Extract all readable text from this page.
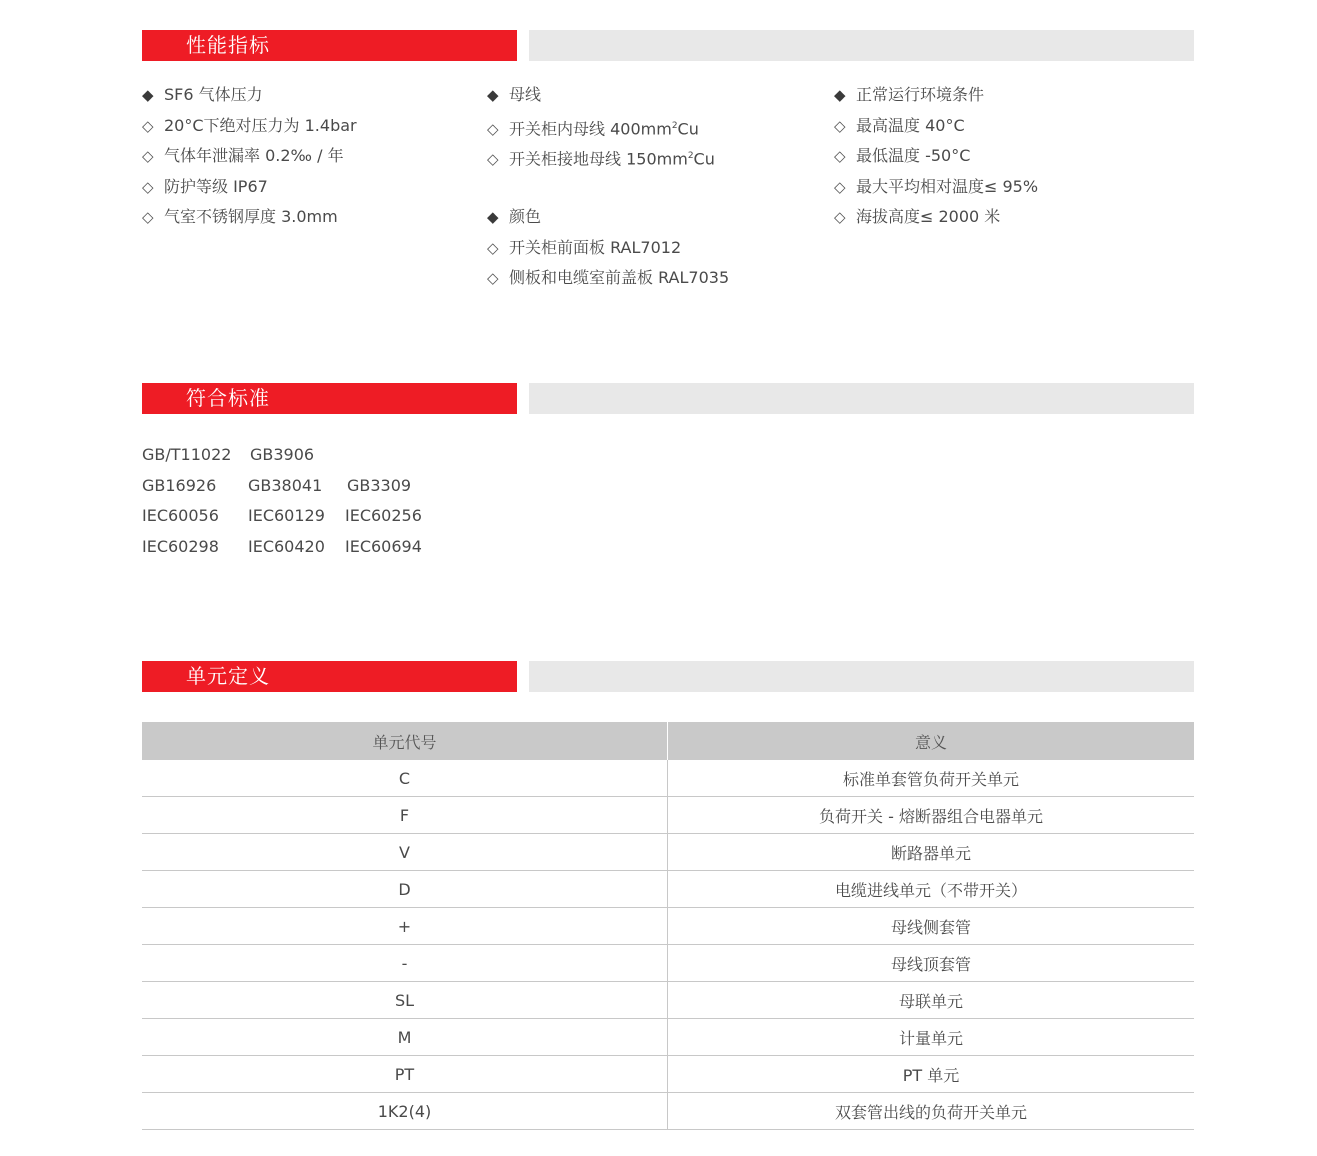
性能指标
◆ SF6 气体压力
◇ 20°C下绝对压力为 1.4bar
◇ 气体年泄漏率 0.2‰ / 年
◇ 防护等级 IP67
◇ 气室不锈钢厚度 3.0mm
◆ 母线
◇ 开关柜内母线 $400mm^2Cu$
◇ 开关柜接地母线 $150mm^2Cu$
◆ 颜色
◇ 开关柜前面板 RAL7012
◇ 侧板和电缆室前盖板 RAL7035
◆ 正常运行环境条件
◇ 最高温度 40°C
◇ 最低温度 -50°C
◇ 最大平均相对温度≤ 95%
◇ 海拔高度≤ 2000 米
符合标准
GB/T11022 GB3906
GB16926 GB38041 GB3309
IEC60056 IEC60129 IEC60256
IEC60298 IEC60420 IEC60694
单元定义
单元代号	意义
C	标准单套管负荷开关单元
F	负荷开关 - 熔断器组合电器单元
V	断路器单元
D	电缆进线单元（不带开关）
+	母线侧套管
-	母线顶套管
SL	母联单元
M	计量单元
PT	PT 单元
1K2(4)	双套管出线的负荷开关单元
